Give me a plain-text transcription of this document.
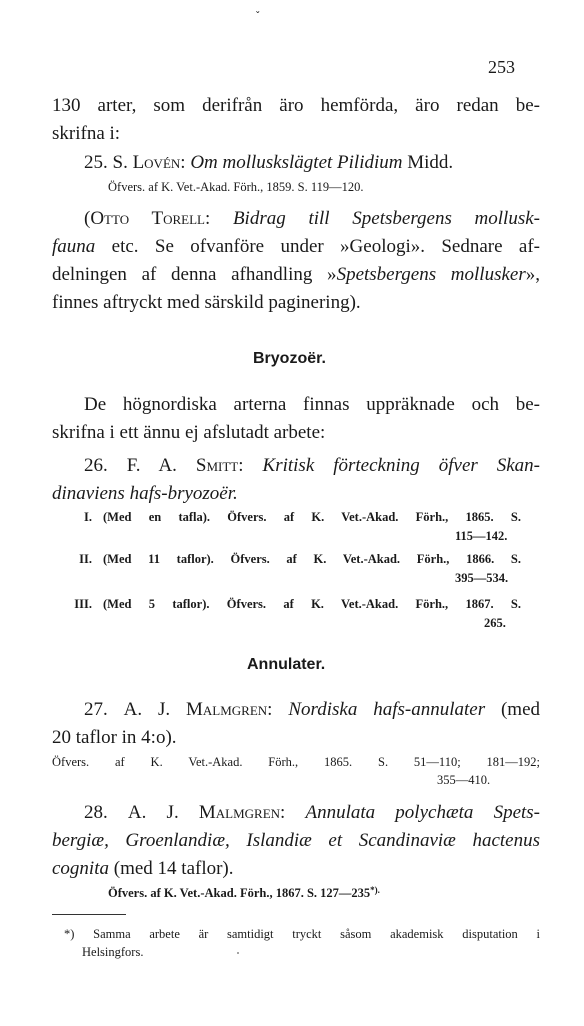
ˇ
253
130 arter, som derifrån äro hemförda, äro redan be-
skrifna i:
25. S. Lovén: Om molluskslägtet Pilidium Midd.
Öfvers. af K. Vet.-Akad. Förh., 1859. S. 119—120.
(Otto Torell: Bidrag till Spetsbergens mollusk-
fauna etc. Se ofvanföre under »Geologi». Sednare af-
delningen af denna afhandling »Spetsbergens mollusker»,
finnes aftryckt med särskild paginering).
Bryozoër.
De högnordiska arterna finnas uppräknade och be-
skrifna i ett ännu ej afslutadt arbete:
26. F. A. Smitt: Kritisk förteckning öfver Skan-
dinaviens hafs-bryozoër.
I. (Med en tafla). Öfvers. af K. Vet.-Akad. Förh., 1865. S.
115—142.
II. (Med 11 taflor). Öfvers. af K. Vet.-Akad. Förh., 1866. S.
395—534.
III. (Med 5 taflor). Öfvers. af K. Vet.-Akad. Förh., 1867. S.
265.
Annulater.
27. A. J. Malmgren: Nordiska hafs-annulater (med
20 taflor in 4:o).
Öfvers. af K. Vet.-Akad. Förh., 1865. S. 51—110; 181—192;
355—410.
28. A. J. Malmgren: Annulata polychæta Spets-
bergiæ, Groenlandiæ, Islandiæ et Scandinaviæ hactenus
cognita (med 14 taflor).
Öfvers. af K. Vet.-Akad. Förh., 1867. S. 127—235*).
*) Samma arbete är samtidigt tryckt såsom akademisk disputation i
Helsingfors.
